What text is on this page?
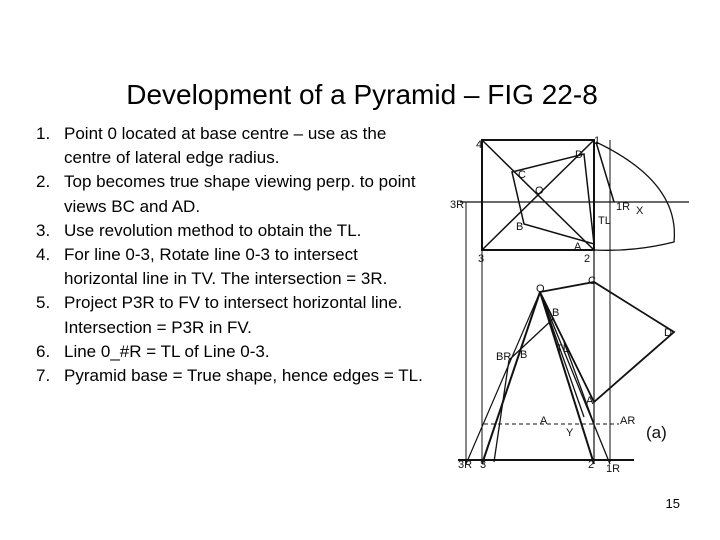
Development of a Pyramid – FIG 22-8
1. Point 0 located at base centre – use as the centre of lateral edge radius.
2. Top becomes true shape viewing perp. to point views BC and AD.
3. Use revolution method to obtain the TL.
4. For line 0-3, Rotate line 0-3 to intersect horizontal line in TV. The intersection = 3R.
5. Project P3R to FV to intersect horizontal line. Intersection = P3R in FV.
6. Line 0_#R = TL of Line 0-3.
7. Pyramid base = True shape, hence edges = TL.
4	1
D
C
O
3R	1R X
TL
B
A
3	2
O
C
B
BR B
D
TL
A
AR
A
Y
3R 3	2 1R
(a)
15
